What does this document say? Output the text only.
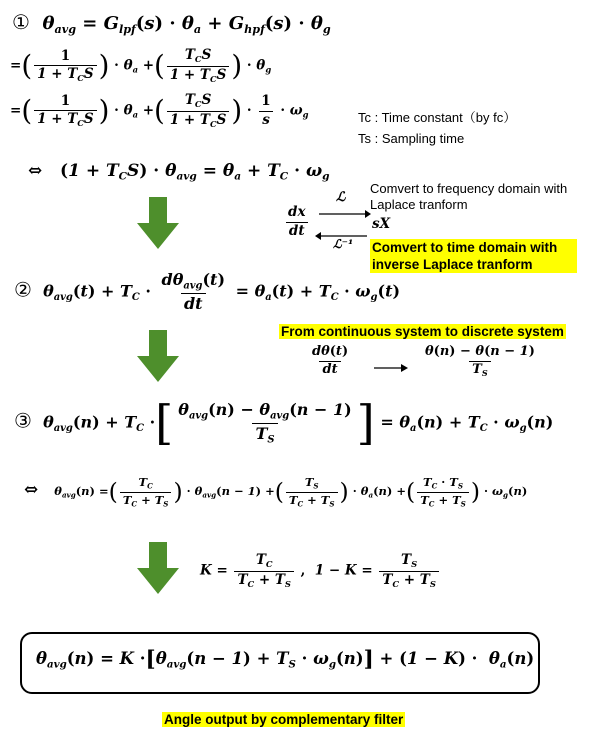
①  $\theta_{avg} = G_{lpf}(s) \cdot \theta_a + G_{hpf}(s) \cdot \theta_g$
=( $\frac{1}{1 + T_CS}$ ) · $\theta_a$ +( $\frac{T_CS}{1 + T_CS}$ ) · $\theta_g$
=( $\frac{1}{1 + T_CS}$ ) · $\theta_a$ +( $\frac{T_CS}{1 + T_CS}$ ) · $\frac{1}{s} \cdot \omega_g$	Tc : Time constant（by fc）
Ts : Sampling time
⇔ $(1 + T_CS) \cdot \theta_{avg} = \theta_a + T_C \cdot \omega_g$
Comvert to frequency domain with Laplace tranform
$\frac{dx}{dt}$
ℒ
ℒ⁻¹
sX
Comvert to time domain with inverse Laplace tranform
②  $\theta_{avg}(t) + T_C \cdot \frac{d\theta_{avg}(t)}{dt} = \theta_a(t) + T_C \cdot \omega_g(t)$
From continuous system to discrete system
$\frac{d\theta(t)}{dt}$	$\frac{\theta(n) - \theta(n - 1)}{T_S}$
③  $\theta_{avg}(n) + T_C$ ·[ $\frac{\theta_{avg}(n) - \theta_{avg}(n - 1)}{T_S}$ ] = $\theta_a(n) + T_C \cdot \omega_g(n)$
⇔    $\theta_{avg}(n)$ =( $\frac{T_C}{T_C + T_S}$ ) · $\theta_{avg}(n - 1)$ +( $\frac{T_S}{T_C + T_S}$ ) · $\theta_a(n)$ +( $\frac{T_C \cdot T_S}{T_C + T_S}$ ) · $\omega_g(n)$
$K = \frac{T_C}{T_C + T_S}$ ,  $1 - K = \frac{T_S}{T_C + T_S}$
$\theta_{avg}(n) = K \cdot[\theta_{avg}(n - 1) + T_S \cdot \omega_g(n)] + (1 - K) \cdot \theta_a(n)$
Angle output by complementary filter
